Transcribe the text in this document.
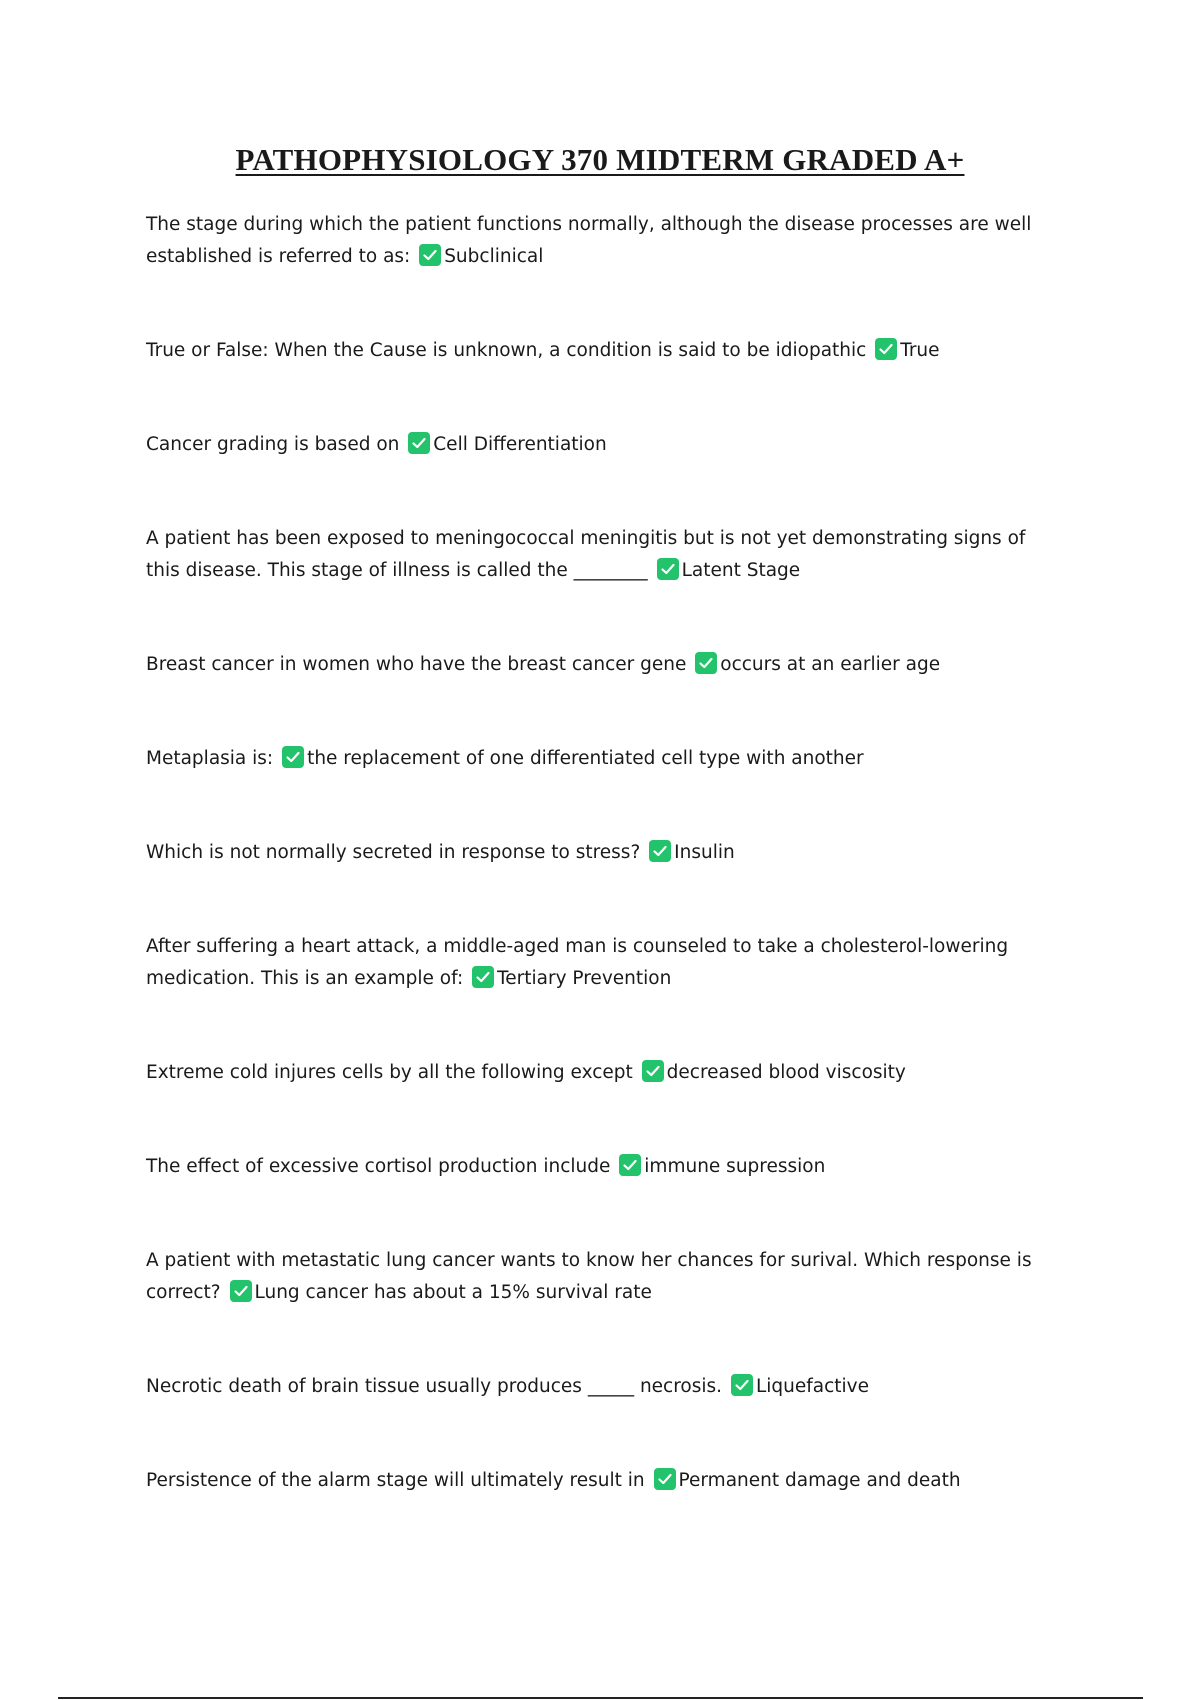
PATHOPHYSIOLOGY 370 MIDTERM GRADED A+
The stage during which the patient functions normally, although the disease processes are well established is referred to as: Subclinical
True or False: When the Cause is unknown, a condition is said to be idiopathic True
Cancer grading is based on Cell Differentiation
A patient has been exposed to meningococcal meningitis but is not yet demonstrating signs of this disease. This stage of illness is called the ________ Latent Stage
Breast cancer in women who have the breast cancer gene occurs at an earlier age
Metaplasia is: the replacement of one differentiated cell type with another
Which is not normally secreted in response to stress? Insulin
After suffering a heart attack, a middle-aged man is counseled to take a cholesterol-lowering medication. This is an example of: Tertiary Prevention
Extreme cold injures cells by all the following except decreased blood viscosity
The effect of excessive cortisol production include immune supression
A patient with metastatic lung cancer wants to know her chances for surival. Which response is correct? Lung cancer has about a 15% survival rate
Necrotic death of brain tissue usually produces _____ necrosis. Liquefactive
Persistence of the alarm stage will ultimately result in Permanent damage and death
